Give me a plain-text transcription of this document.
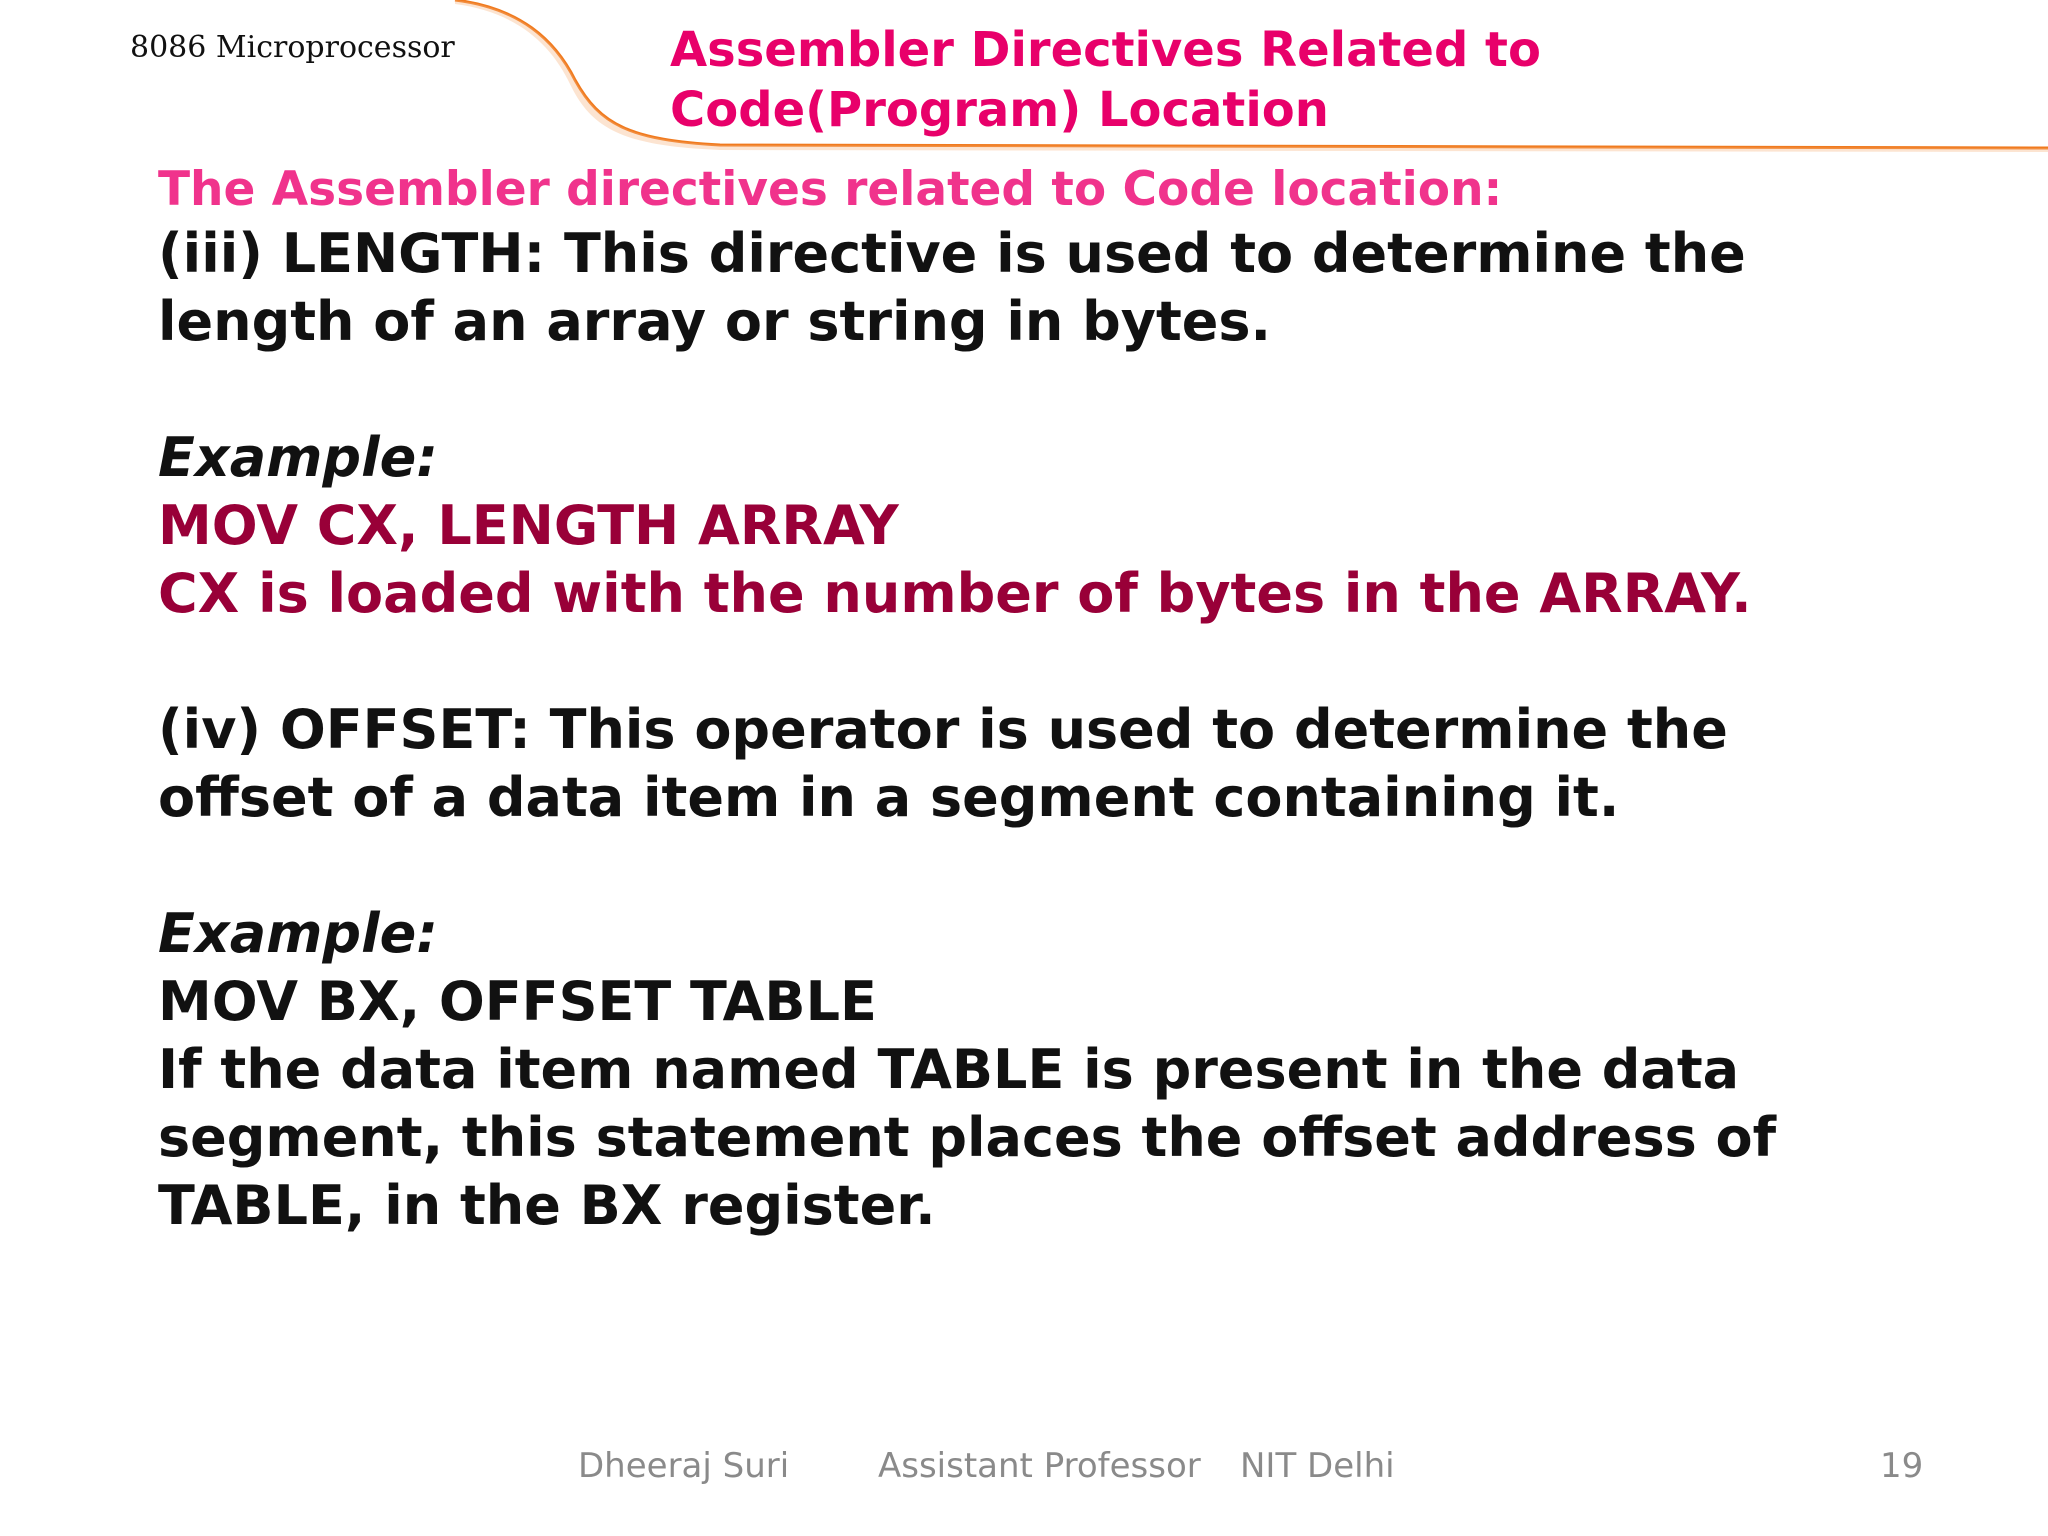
8086 Microprocessor	Assembler Directives Related to
Code(Program) Location
The Assembler directives related to Code location:
(iii) LENGTH: This directive is used to determine the
length of an array or string in bytes.
Example:
MOV CX, LENGTH ARRAY
CX is loaded with the number of bytes in the ARRAY.
(iv) OFFSET: This operator is used to determine the
offset of a data item in a segment containing it.
Example:
MOV BX, OFFSET TABLE
If the data item named TABLE is present in the data
segment, this statement places the offset address of
TABLE, in the BX register.
Dheeraj Suri	Assistant Professor NIT Delhi	19
